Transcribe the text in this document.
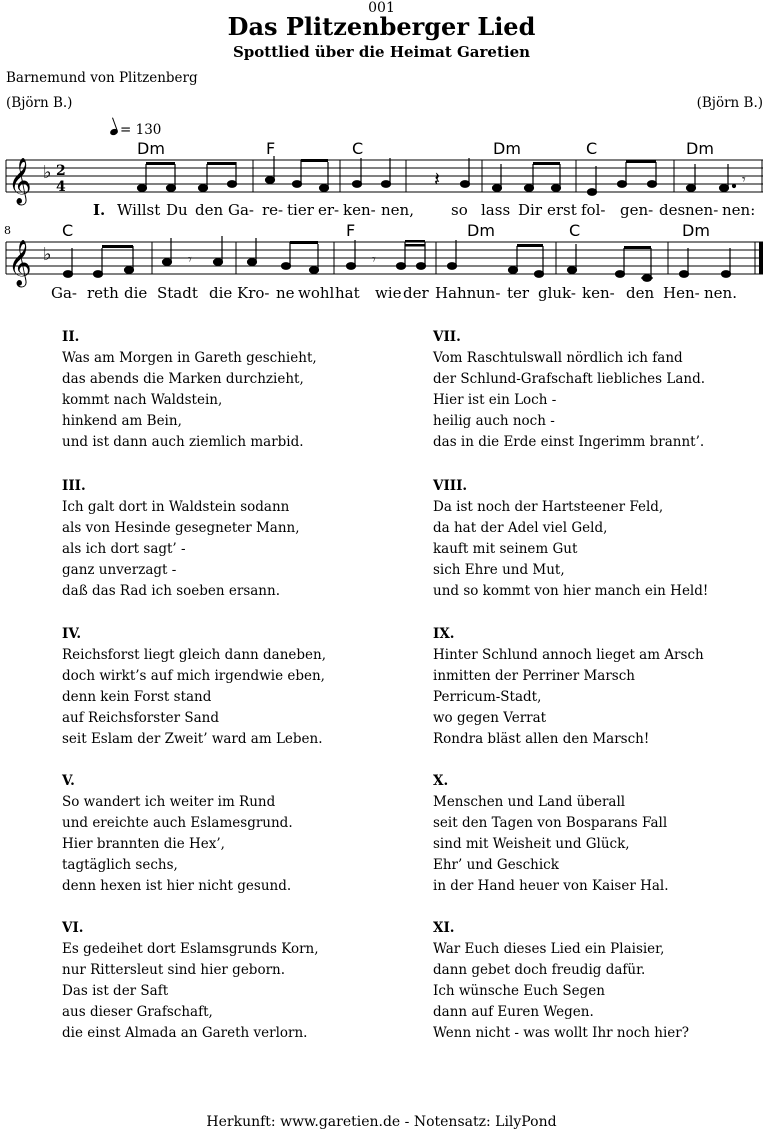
001
Das Plitzenberger Lied
Spottlied über die Heimat Garetien
Barnemund von Plitzenberg
(Björn B.)	(Björn B.)
= 130
Dm	F	C	Dm	C	Dm
𝄞 ♭ 2
4	𝄽	𝄾
I. Willst Du den Ga- re- tier er- ken- nen, so lass Dir erst fol- gen- des nen- nen:
8	C	F	Dm	C	Dm
𝄞 ♭	𝄾	𝄾
Ga- reth die Stadt die Kro- ne wohl hat wie der Hahn un- ter gluk- ken- den Hen- nen.
II.
Was am Morgen in Gareth geschieht,
das abends die Marken durchzieht,
kommt nach Waldstein,
hinkend am Bein,
und ist dann auch ziemlich marbid.
III.
Ich galt dort in Waldstein sodann
als von Hesinde gesegneter Mann,
als ich dort sagt’ -
ganz unverzagt -
daß das Rad ich soeben ersann.
IV.
Reichsforst liegt gleich dann daneben,
doch wirkt’s auf mich irgendwie eben,
denn kein Forst stand
auf Reichsforster Sand
seit Eslam der Zweit’ ward am Leben.
V.
So wandert ich weiter im Rund
und ereichte auch Eslamesgrund.
Hier brannten die Hex’,
tagtäglich sechs,
denn hexen ist hier nicht gesund.
VI.
Es gedeihet dort Eslamsgrunds Korn,
nur Rittersleut sind hier geborn.
Das ist der Saft
aus dieser Grafschaft,
die einst Almada an Gareth verlorn.
VII.
Vom Raschtulswall nördlich ich fand
der Schlund-Grafschaft liebliches Land.
Hier ist ein Loch -
heilig auch noch -
das in die Erde einst Ingerimm brannt’.
VIII.
Da ist noch der Hartsteener Feld,
da hat der Adel viel Geld,
kauft mit seinem Gut
sich Ehre und Mut,
und so kommt von hier manch ein Held!
IX.
Hinter Schlund annoch lieget am Arsch
inmitten der Perriner Marsch
Perricum-Stadt,
wo gegen Verrat
Rondra bläst allen den Marsch!
X.
Menschen und Land überall
seit den Tagen von Bosparans Fall
sind mit Weisheit und Glück,
Ehr’ und Geschick
in der Hand heuer von Kaiser Hal.
XI.
War Euch dieses Lied ein Plaisier,
dann gebet doch freudig dafür.
Ich wünsche Euch Segen
dann auf Euren Wegen.
Wenn nicht - was wollt Ihr noch hier?
Herkunft: www.garetien.de - Notensatz: LilyPond
